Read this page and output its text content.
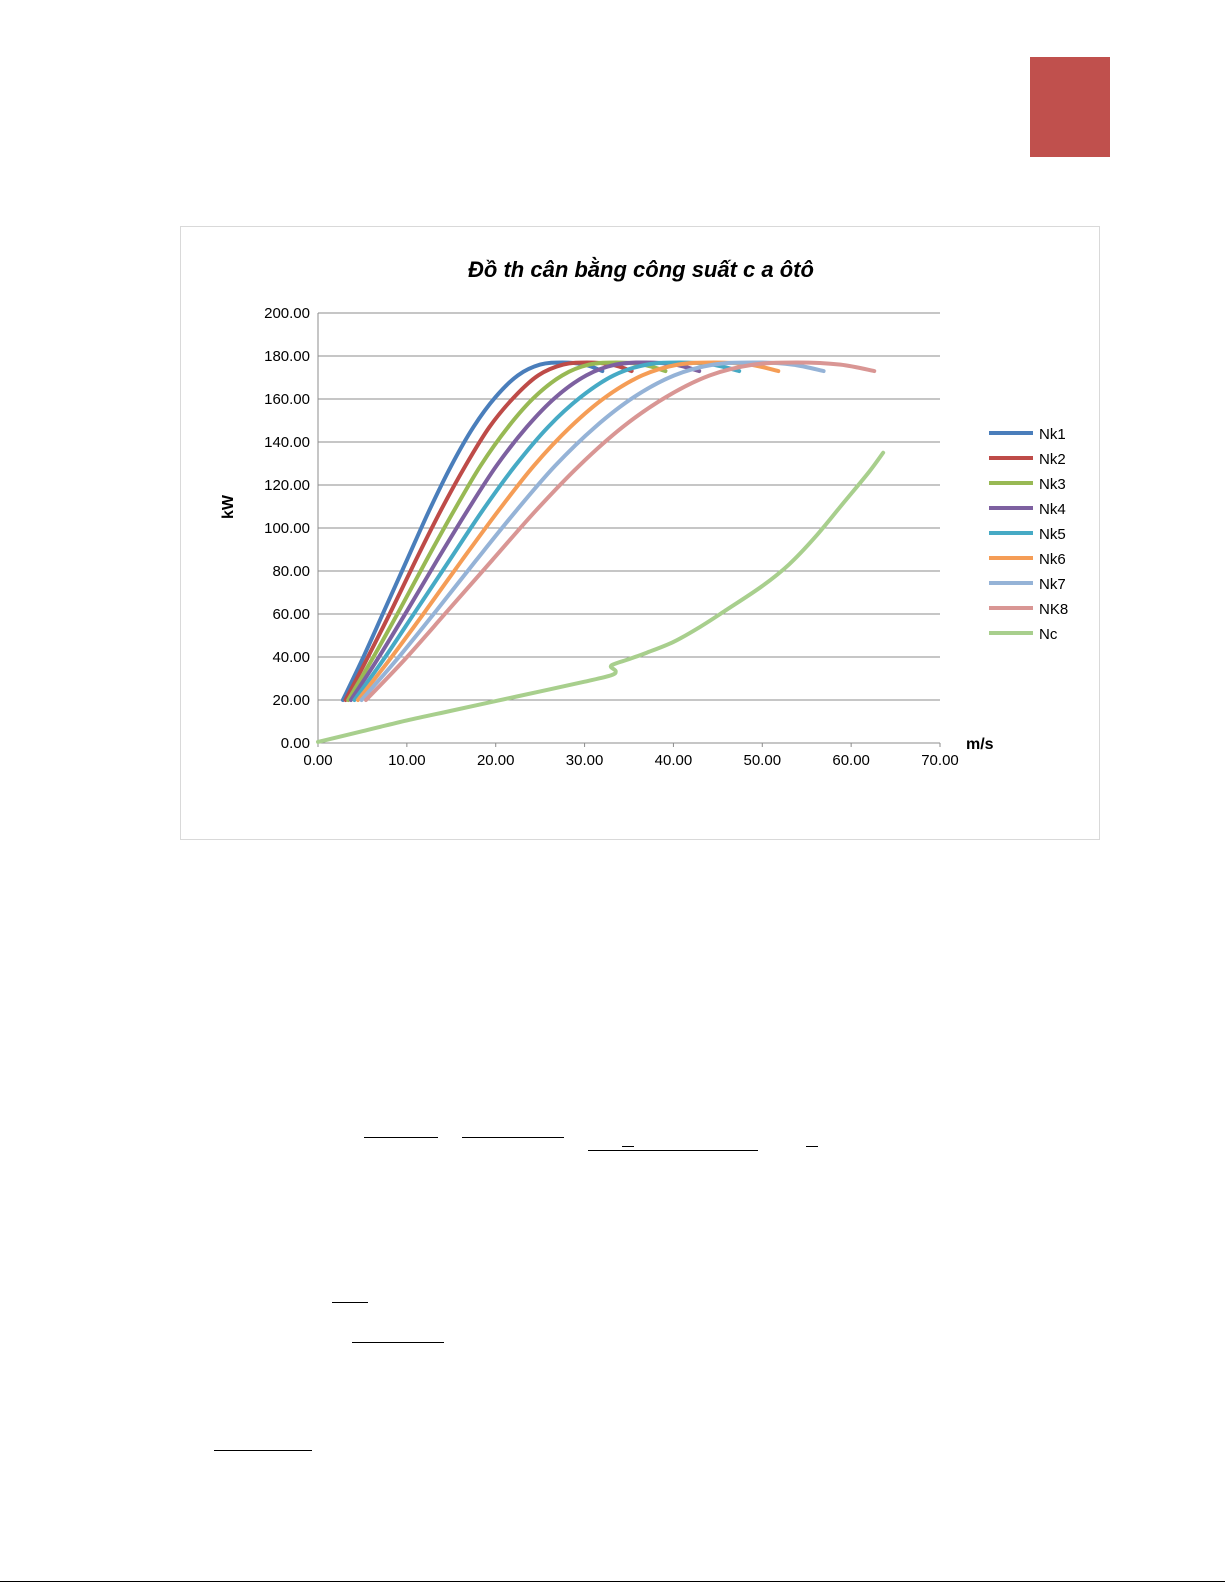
Đồ th cân bằng công suất c a ôtô
kW
m/s
0.00
20.00
40.00
60.00
80.00
100.00
120.00
140.00
160.00
180.00
200.00
0.00	10.00	20.00	30.00	40.00	50.00	60.00	70.00
Nk1
Nk2
Nk3
Nk4
Nk5
Nk6
Nk7
NK8
Nc
